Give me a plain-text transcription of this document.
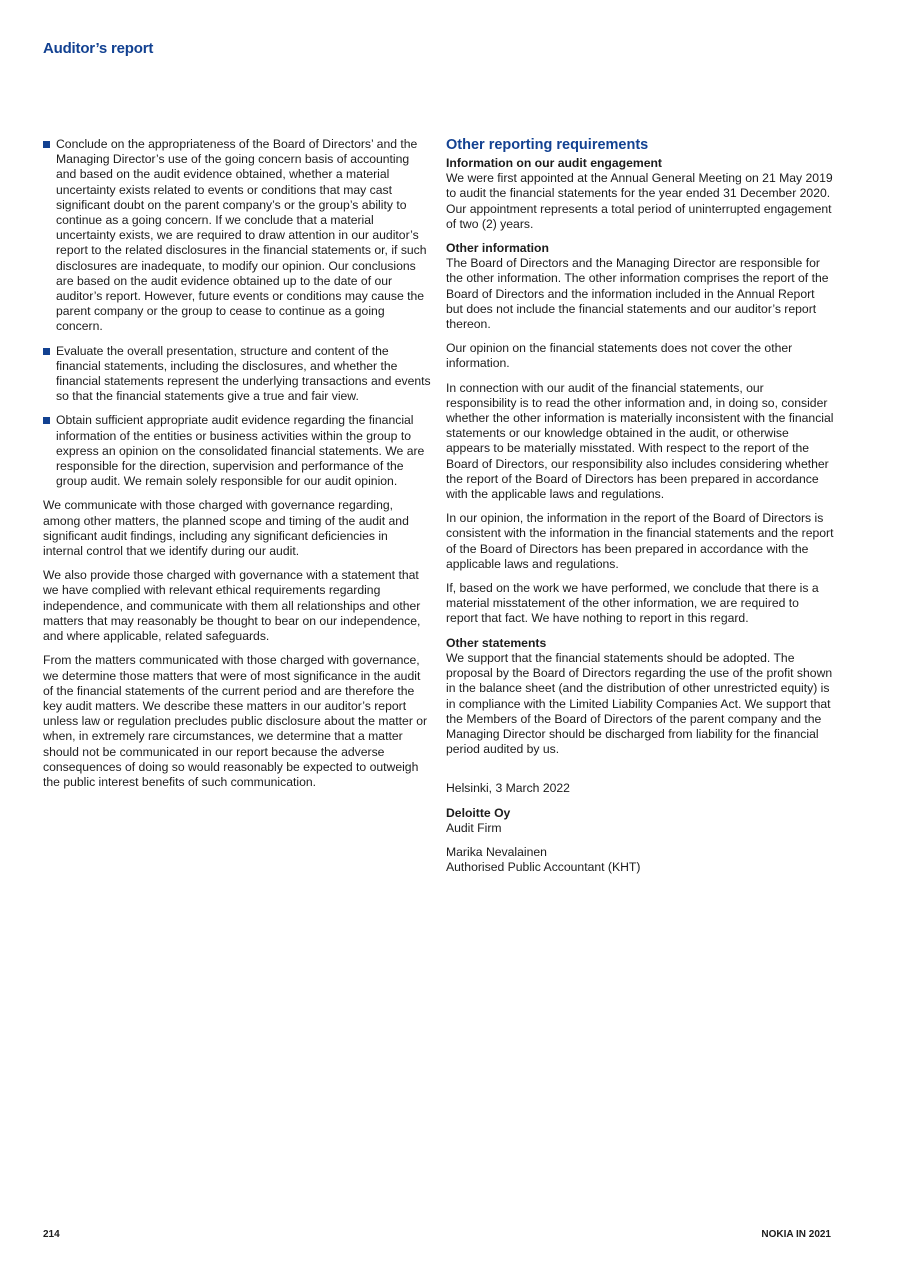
Auditor’s report
Conclude on the appropriateness of the Board of Directors’ and the Managing Director’s use of the going concern basis of accounting and based on the audit evidence obtained, whether a material uncertainty exists related to events or conditions that may cast significant doubt on the parent company’s or the group’s ability to continue as a going concern. If we conclude that a material uncertainty exists, we are required to draw attention in our auditor’s report to the related disclosures in the financial statements or, if such disclosures are inadequate, to modify our opinion. Our conclusions are based on the audit evidence obtained up to the date of our auditor’s report. However, future events or conditions may cause the parent company or the group to cease to continue as a going concern.
Evaluate the overall presentation, structure and content of the financial statements, including the disclosures, and whether the financial statements represent the underlying transactions and events so that the financial statements give a true and fair view.
Obtain sufficient appropriate audit evidence regarding the financial information of the entities or business activities within the group to express an opinion on the consolidated financial statements. We are responsible for the direction, supervision and performance of the group audit. We remain solely responsible for our audit opinion.

We communicate with those charged with governance regarding, among other matters, the planned scope and timing of the audit and significant audit findings, including any significant deficiencies in internal control that we identify during our audit.

We also provide those charged with governance with a statement that we have complied with relevant ethical requirements regarding independence, and communicate with them all relationships and other matters that may reasonably be thought to bear on our independence, and where applicable, related safeguards.

From the matters communicated with those charged with governance, we determine those matters that were of most significance in the audit of the financial statements of the current period and are therefore the key audit matters. We describe these matters in our auditor’s report unless law or regulation precludes public disclosure about the matter or when, in extremely rare circumstances, we determine that a matter should not be communicated in our report because the adverse consequences of doing so would reasonably be expected to outweigh the public interest benefits of such communication.

Other reporting requirements
Information on our audit engagement
We were first appointed at the Annual General Meeting on 21 May 2019 to audit the financial statements for the year ended 31 December 2020. Our appointment represents a total period of uninterrupted engagement of two (2) years.
Other information

The Board of Directors and the Managing Director are responsible for the other information. The other information comprises the report of the Board of Directors and the information included in the Annual Report but does not include the financial statements and our auditor’s report thereon.

Our opinion on the financial statements does not cover the other information.

In connection with our audit of the financial statements, our responsibility is to read the other information and, in doing so, consider whether the other information is materially inconsistent with the financial statements or our knowledge obtained in the audit, or otherwise appears to be materially misstated. With respect to the report of the Board of Directors, our responsibility also includes considering whether the report of the Board of Directors has been prepared in accordance with the applicable laws and regulations.

In our opinion, the information in the report of the Board of Directors is consistent with the information in the financial statements and the report of the Board of Directors has been prepared in accordance with the applicable laws and regulations.

If, based on the work we have performed, we conclude that there is a material misstatement of the other information, we are required to report that fact. We have nothing to report in this regard.

Other statements
We support that the financial statements should be adopted. The proposal by the Board of Directors regarding the use of the profit shown in the balance sheet (and the distribution of other unrestricted equity) is in compliance with the Limited Liability Companies Act. We support that the Members of the Board of Directors of the parent company and the Managing Director should be discharged from liability for the financial period audited by us.

Helsinki, 3 March 2022

Deloitte Oy
Audit Firm
Marika Nevalainen
Authorised Public Accountant (KHT)
214	NOKIA IN 2021
